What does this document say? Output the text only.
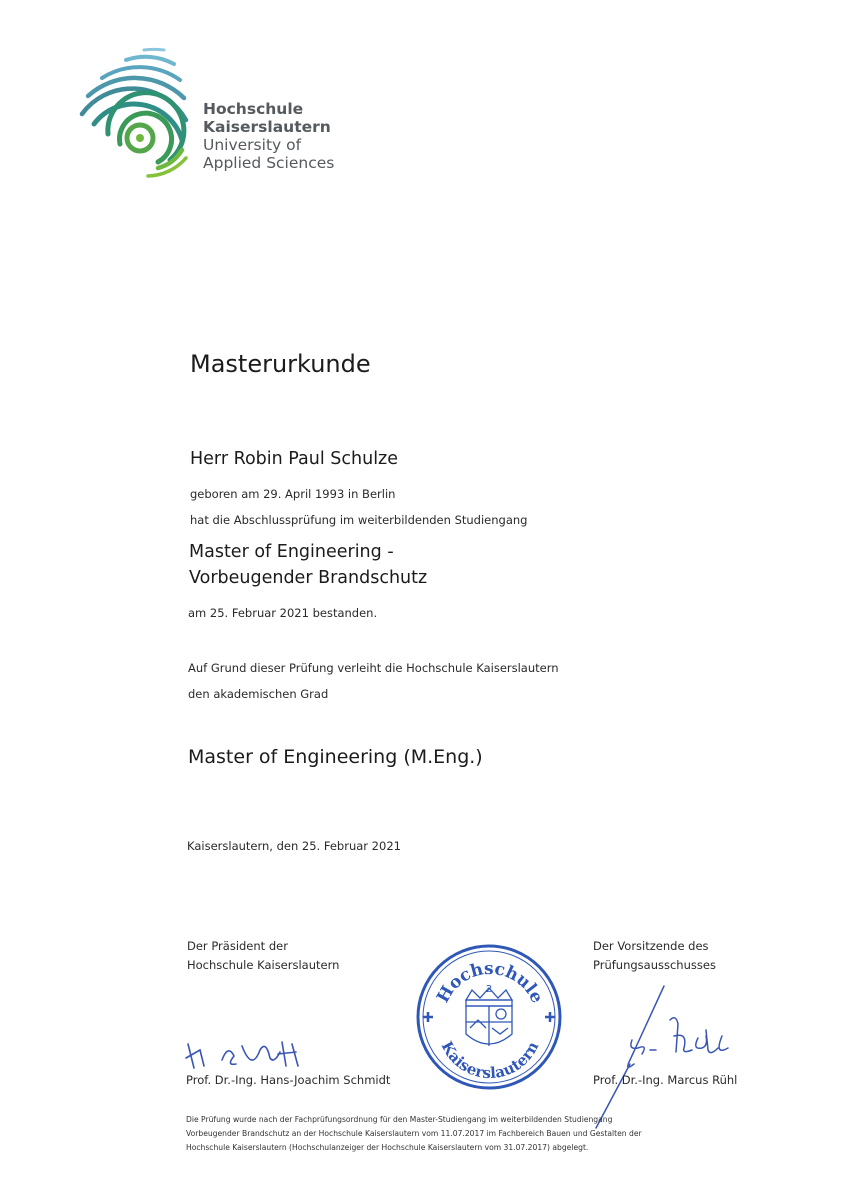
Hochschule
Kaiserslautern
University of
Applied Sciences
Masterurkunde
Herr Robin Paul Schulze
geboren am 29. April 1993 in Berlin
hat die Abschlussprüfung im weiterbildenden Studiengang
Master of Engineering -
Vorbeugender Brandschutz
am 25. Februar 2021 bestanden.
Auf Grund dieser Prüfung verleiht die Hochschule Kaiserslautern
den akademischen Grad
Master of Engineering (M.Eng.)
Kaiserslautern, den 25. Februar 2021
Der Präsident der
Hochschule Kaiserslautern
Prof. Dr.-Ing. Hans-Joachim Schmidt
Der Vorsitzende des
Prüfungsausschusses
Prof. Dr.-Ing. Marcus Rühl
Hochschule
Kaiserslautern
2
Die Prüfung wurde nach der Fachprüfungsordnung für den Master-Studiengang im weiterbildenden Studiengang
Vorbeugender Brandschutz an der Hochschule Kaiserslautern vom 11.07.2017 im Fachbereich Bauen und Gestalten der
Hochschule Kaiserslautern (Hochschulanzeiger der Hochschule Kaiserslautern vom 31.07.2017) abgelegt.
